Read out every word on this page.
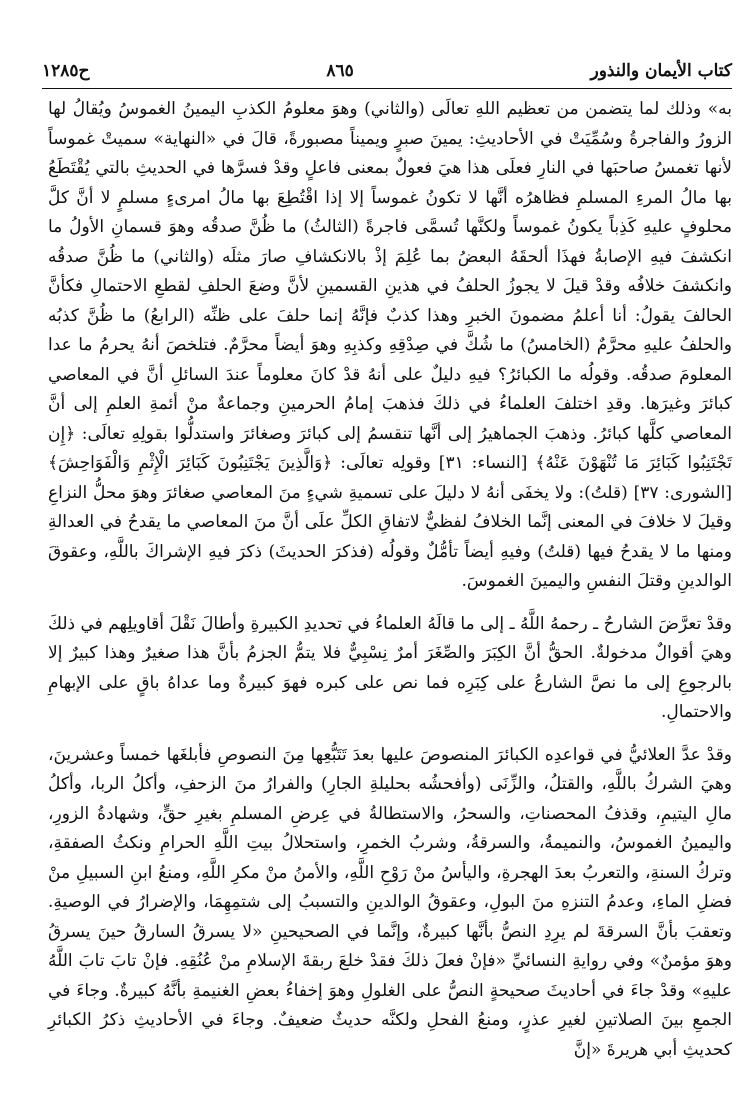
كتاب الأيمان والنذور
٨٦٥
ح١٢٨٥

به» وذلك لما يتضمن من تعظيم اللهِ تعالَى (والثاني) وهوَ معلومُ الكذبِ اليمينُ الغموسُ ويُقالُ لها الزورُ والفاجرةُ وسُمِّيَتْ في الأحاديثِ: يمينَ صبرٍ ويميناً مصبورةً، قالَ في «النهاية» سميتْ غموساً لأنها تغمسُ صاحبَها في النارِ فعلَى هذا هيَ فعولٌ بمعنى فاعلٍ وقدْ فسرَّها في الحديثِ بالتي يُقْتَطَعُ بها مالُ المرءِ المسلمِ فظاهرُه أنَّها لا تكونُ غموساً إلا إذا اقْتُطِعَ بها مالُ امرىءٍ مسلمٍ لا أنَّ كلَّ محلوفٍ عليهِ كَذِباً يكونُ غموساً ولكنَّها تُسمَّى فاجرةً (الثالثُ) ما ظُنَّ صدقُه وهوَ قسمانِ الأولُ ما انكشفَ فيهِ الإصابةُ فهذَا ألحقَهُ البعضُ بما عُلِمَ إذْ بالانكشافِ صارَ مثلَه (والثاني) ما ظُنَّ صدقُه وانكشفَ خلافُه وقدْ قيلَ لا يجوزُ الحلفُ في هذينِ القسمينِ لأنَّ وضعَ الحلفِ لقطعِ الاحتمالِ فكأنَّ الحالفَ يقولُ: أنا أعلمُ مضمونَ الخبرِ وهذا كذبٌ فإنَّهُ إنما حلفَ على ظنِّه (الرابعُ) ما ظُنَّ كذبُه والحلفُ عليهِ محرَّمٌ (الخامسُ) ما شُكَّ في صِدْقِهِ وكذبِهِ وهوَ أيضاً محرَّمٌ. فتلخصَ أنهُ يحرمُ ما عدا المعلومَ صدقُه. وقولُه ما الكبائرُ؟ فيهِ دليلٌ على أنهُ قدْ كانَ معلوماً عندَ السائلِ أنَّ في المعاصي كبائرَ وغيرَها. وقدِ اختلفَ العلماءُ في ذلكَ فذهبَ إمامُ الحرمينِ وجماعةٌ منْ أئمةِ العلمِ إلى أنَّ المعاصي كلَّها كبائرُ. وذهبَ الجماهيرُ إلى أنَّها تنقسمُ إلى كبائرَ وصغائرَ واستدلُّوا بقولِهِ تعالَى: ﴿إِن تَجْتَنِبُوا كَبَائِرَ مَا تُنْهَوْنَ عَنْهُ﴾ [النساء: ٣١] وقولِه تعالَى: ﴿وَالَّذِينَ يَجْتَنِبُونَ كَبَائِرَ الْإِثْمِ وَالْفَوَاحِشَ﴾ [الشورى: ٣٧] (قلتُ): ولا يخفَى أنهُ لا دليلَ على تسميةِ شيءٍ منَ المعاصي صغائرَ وهوَ محلُّ النزاعِ وقيلَ لا خلافَ في المعنى إنَّما الخلافُ لفظيٌّ لاتفاقِ الكلِّ علَى أنَّ منَ المعاصي ما يقدحُ في العدالةِ ومنها ما لا يقدحُ فيها (قلتُ) وفيهِ أيضاً تأمُّلٌ وقولُه (فذكرَ الحديثَ) ذكرَ فيهِ الإشراكَ باللَّهِ، وعقوقَ الوالدينِ وقتلَ النفسِ واليمينَ الغموسَ.

وقدْ تعرَّضَ الشارحُ ـ رحمهُ اللَّهُ ـ إلى ما قالَهُ العلماءُ في تحديدِ الكبيرةِ وأطالَ نَقْلَ أقاويلِهم في ذلكَ وهيَ أقوالٌ مدخولةٌ. الحقُّ أنَّ الكِبَرَ والصِّغَرَ أمرٌ نِسْبِيٌّ فلا يتمُّ الجزمُ بأنَّ هذا صغيرٌ وهذا كبيرٌ إلا بالرجوعِ إلى ما نصَّ الشارعُ على كِبَرِه فما نص على كبره فهوَ كبيرةٌ وما عداهُ باقٍ على الإبهامِ والاحتمالِ.

وقدْ عدَّ العلائيُّ في قواعدِه الكبائرَ المنصوصَ عليها بعدَ تَتَبُّعِها مِنَ النصوصِ فأبلغَها خمساً وعشرينَ، وهيَ الشركُ باللَّهِ، والقتلُ، والزِّنَى (وأفحشُه بحليلةِ الجارِ) والفرارُ منَ الزحفِ، وأكلُ الربا، وأكلُ مالِ اليتيمِ، وقذفُ المحصناتِ، والسحرُ، والاستطالةُ في عِرضِ المسلمِ بغيرِ حقٍّ، وشهادةُ الزورِ، واليمينُ الغموسُ، والنميمةُ، والسرقةُ، وشربُ الخمرِ، واستحلالُ بيتِ اللَّهِ الحرامِ ونكثُ الصفقةِ، وتركُ السنةِ، والتعربُ بعدَ الهجرةِ، واليأسُ منْ رَوْحِ اللَّهِ، والأمنُ منْ مكرِ اللَّهِ، ومنعُ ابنِ السبيلِ منْ فضلِ الماءِ، وعدمُ التنزهِ منَ البولِ، وعقوقُ الوالدينِ والتسببُ إلى شتمِهِمَا، والإضرارُ في الوصيةِ. وتعقبَ بأنَّ السرقةَ لم يرِدِ النصُّ بأنَّها كبيرةٌ، وإنَّما في الصحيحينِ «لا يسرقُ السارقُ حينَ يسرقُ وهوَ مؤمنٌ» وفي روايةِ النسائيِّ «فإنْ فعلَ ذلكَ فقدْ خلعَ ربقةَ الإسلامِ منْ عُنُقِهِ. فإنْ تابَ تابَ اللَّهُ عليهِ» وقدْ جاءَ في أحاديثَ صحيحةٍ النصُّ على الغلولِ وهوَ إخفاءُ بعضِ الغنيمةِ بأنَّهُ كبيرةٌ. وجاءَ في الجمعِ بينَ الصلاتينِ لغيرِ عذرٍ، ومنعُ الفحلِ ولكنَّه حديثٌ ضعيفٌ. وجاءَ في الأحاديثِ ذكرُ الكبائرِ كحديثِ أبي هريرةَ «إنَّ
